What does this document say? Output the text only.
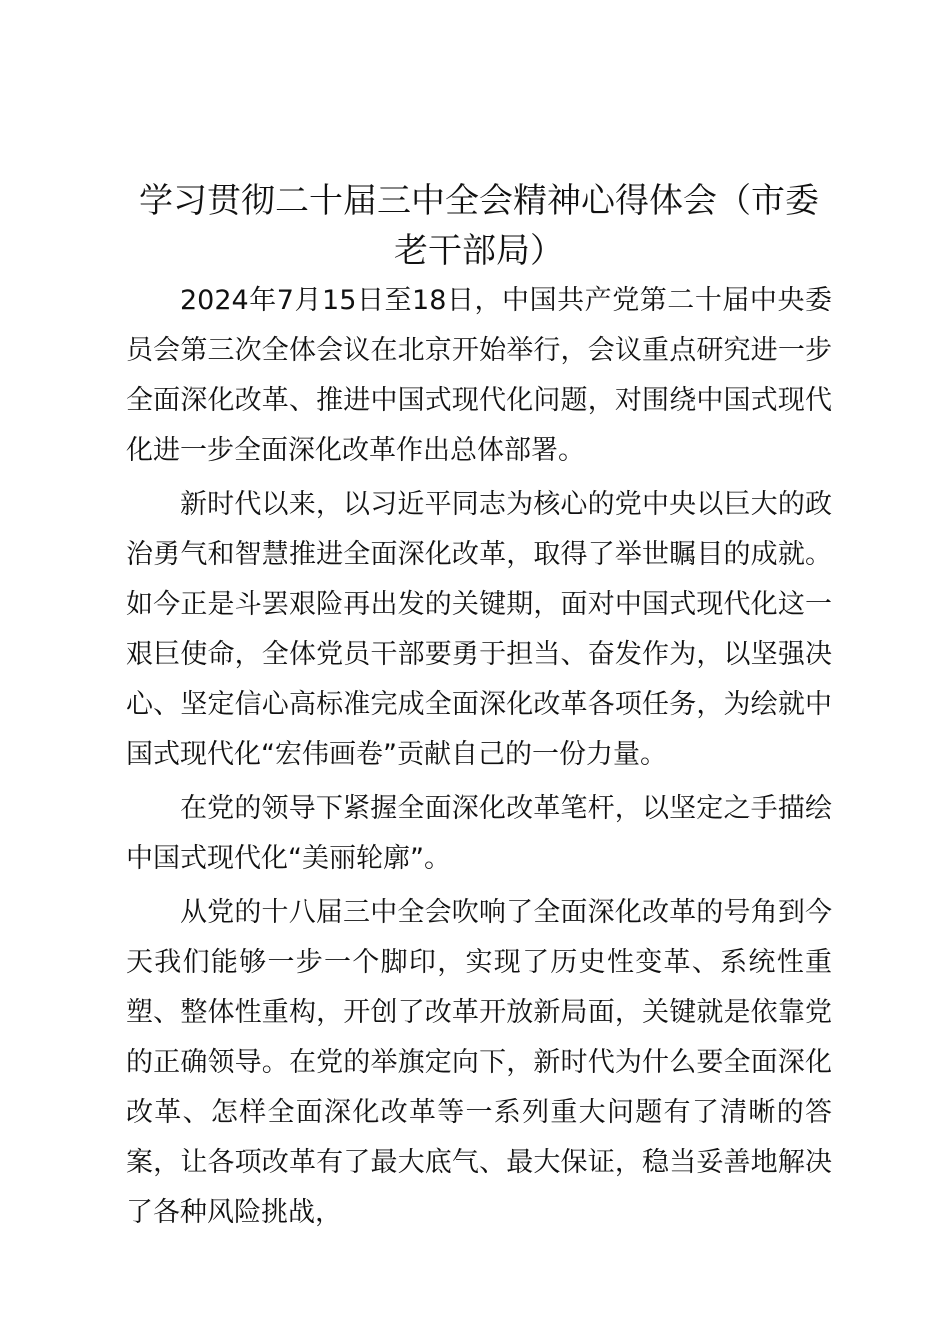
学习贯彻二十届三中全会精神心得体会（市委老干部局）

2024年7月15日至18日，中国共产党第二十届中央委员会第三次全体会议在北京开始举行，会议重点研究进一步全面深化改革、推进中国式现代化问题，对围绕中国式现代化进一步全面深化改革作出总体部署。

新时代以来，以习近平同志为核心的党中央以巨大的政治勇气和智慧推进全面深化改革，取得了举世瞩目的成就。如今正是斗罢艰险再出发的关键期，面对中国式现代化这一艰巨使命，全体党员干部要勇于担当、奋发作为，以坚强决心、坚定信心高标准完成全面深化改革各项任务，为绘就中国式现代化“宏伟画卷”贡献自己的一份力量。

在党的领导下紧握全面深化改革笔杆，以坚定之手描绘中国式现代化“美丽轮廓”。

从党的十八届三中全会吹响了全面深化改革的号角到今天我们能够一步一个脚印，实现了历史性变革、系统性重塑、整体性重构，开创了改革开放新局面，关键就是依靠党的正确领导。在党的举旗定向下，新时代为什么要全面深化改革、怎样全面深化改革等一系列重大问题有了清晰的答案，让各项改革有了最大底气、最大保证，稳当妥善地解决了各种风险挑战，
